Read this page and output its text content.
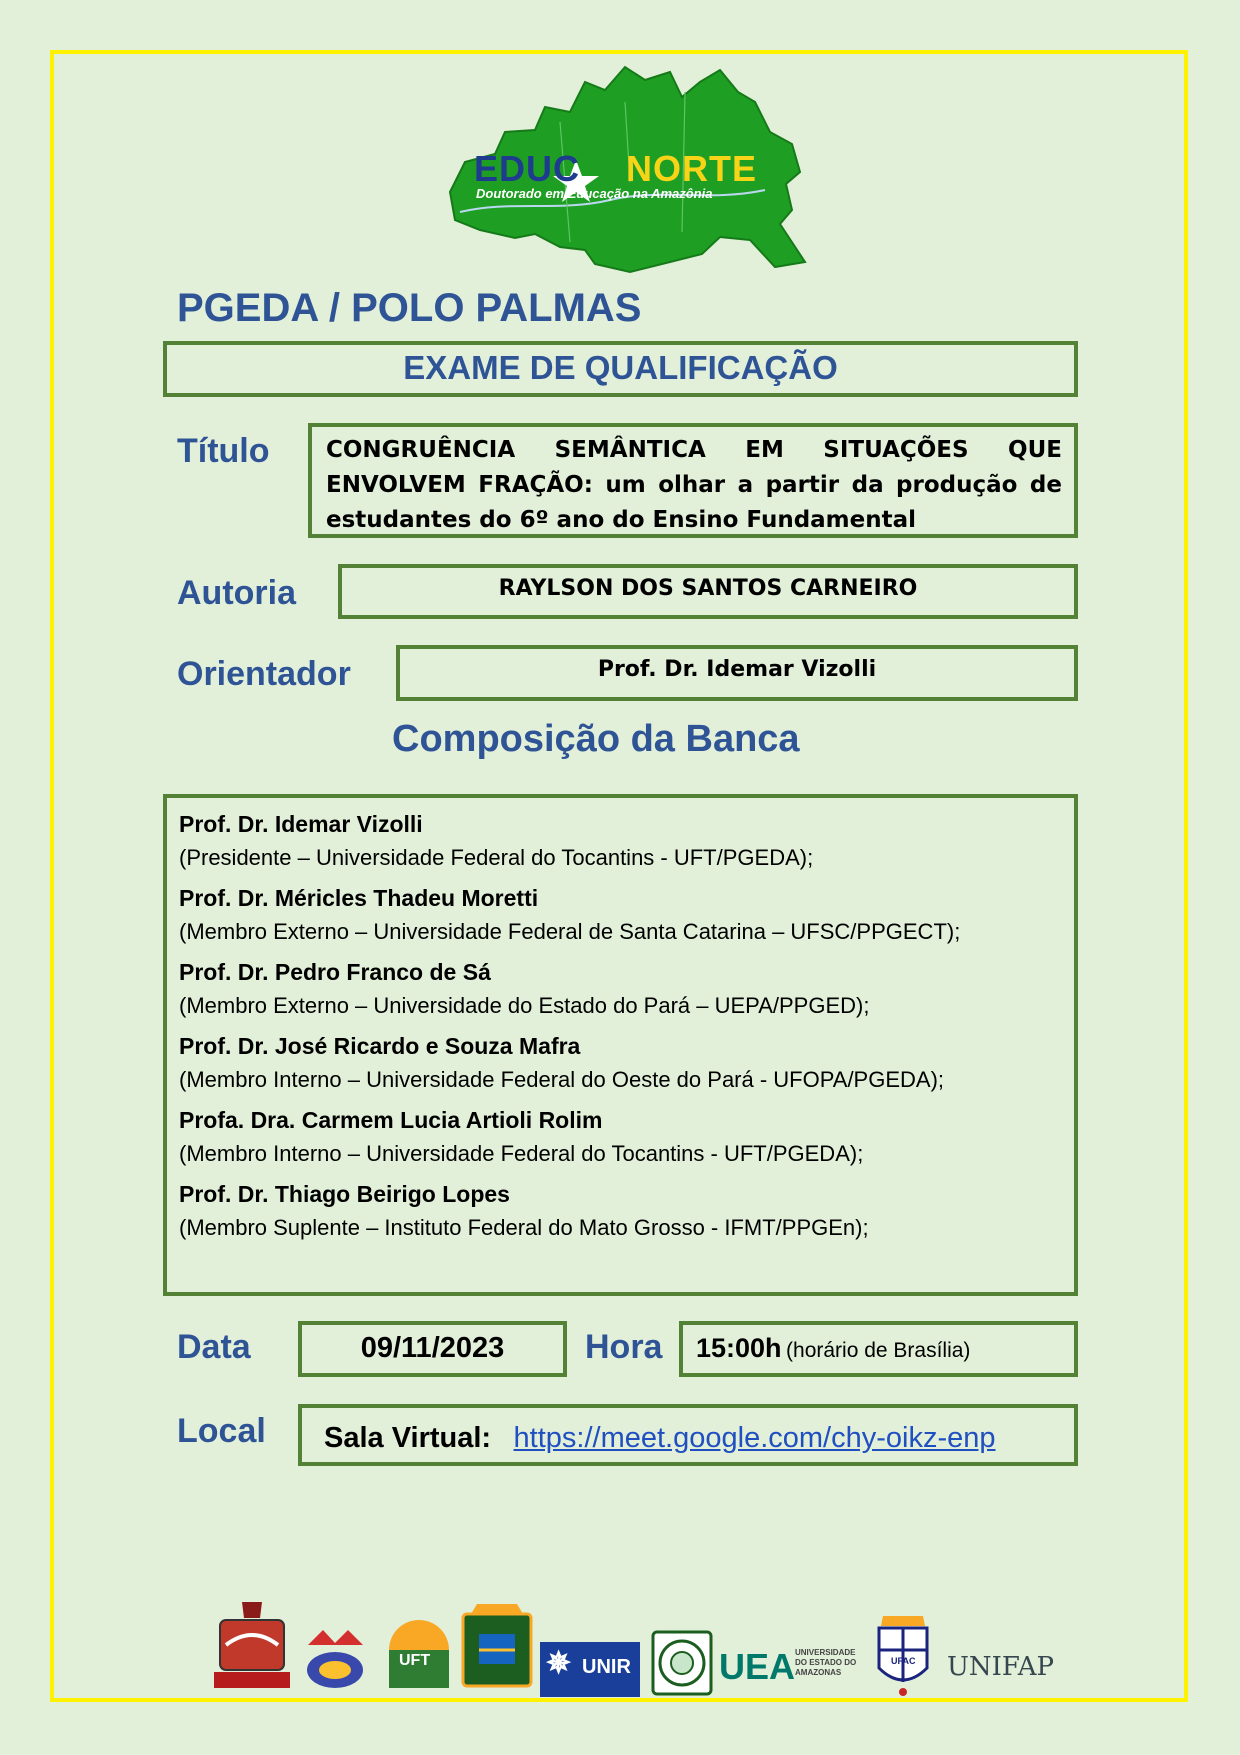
EDUC NORTE
Doutorado em Educação na Amazônia
PGEDA / POLO PALMAS
EXAME DE QUALIFICAÇÃO
Título CONGRUÊNCIA SEMÂNTICA EM SITUAÇÕES QUE ENVOLVEM FRAÇÃO: um olhar a partir da produção de estudantes do 6º ano do Ensino Fundamental
Autoria	RAYLSON DOS SANTOS CARNEIRO
Orientador	Prof. Dr. Idemar Vizolli
Composição da Banca
Prof. Dr. Idemar Vizolli
(Presidente – Universidade Federal do Tocantins - UFT/PGEDA);
Prof. Dr. Méricles Thadeu Moretti
(Membro Externo – Universidade Federal de Santa Catarina – UFSC/PPGECT);
Prof. Dr. Pedro Franco de Sá
(Membro Externo – Universidade do Estado do Pará – UEPA/PPGED);
Prof. Dr. José Ricardo e Souza Mafra
(Membro Interno – Universidade Federal do Oeste do Pará - UFOPA/PGEDA);
Profa. Dra. Carmem Lucia Artioli Rolim
(Membro Interno – Universidade Federal do Tocantins - UFT/PGEDA);
Prof. Dr. Thiago Beirigo Lopes
(Membro Suplente – Instituto Federal do Mato Grosso - IFMT/PPGEn);
Data	09/11/2023	Hora	15:00h (horário de Brasília)
Local	Sala Virtual: https://meet.google.com/chy-oikz-enp
UFT	✵ UNIR UEA UNIVERSIDADE DO ESTADO DO AMAZONAS
UFAC UNIFAP
